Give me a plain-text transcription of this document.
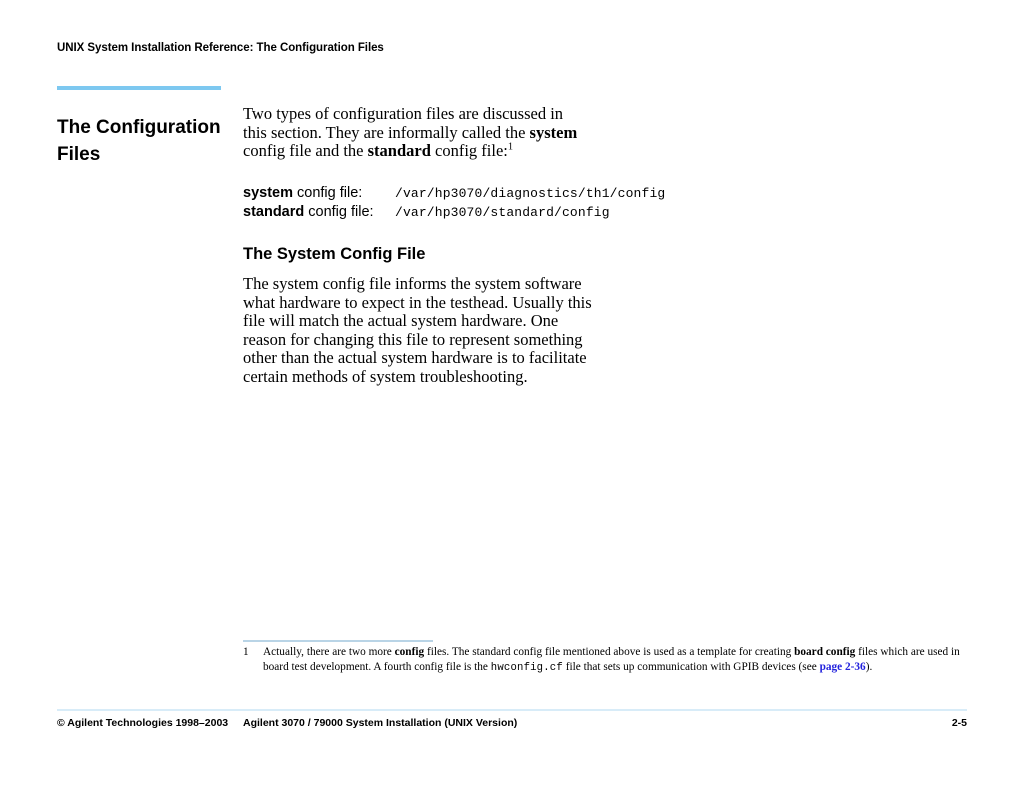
UNIX System Installation Reference: The Configuration Files
The Configuration Files

Two types of configuration files are discussed in this section. They are informally called the system config file and the standard config file:$^1$

system config file:	/var/hp3070/diagnostics/th1/config
standard config file:	/var/hp3070/standard/config
The System Config File

The system config file informs the system software what hardware to expect in the testhead. Usually this file will match the actual system hardware. One reason for changing this file to represent something other than the actual system hardware is to facilitate certain methods of system troubleshooting.

1	Actually, there are two more config files. The standard config file mentioned above is used as a template for creating board config files which are used in board test development. A fourth config file is the hwconfig.cf file that sets up communication with GPIB devices (see page 2-36).
© Agilent Technologies 1998–2003 Agilent 3070 / 79000 System Installation (UNIX Version)	2-5
